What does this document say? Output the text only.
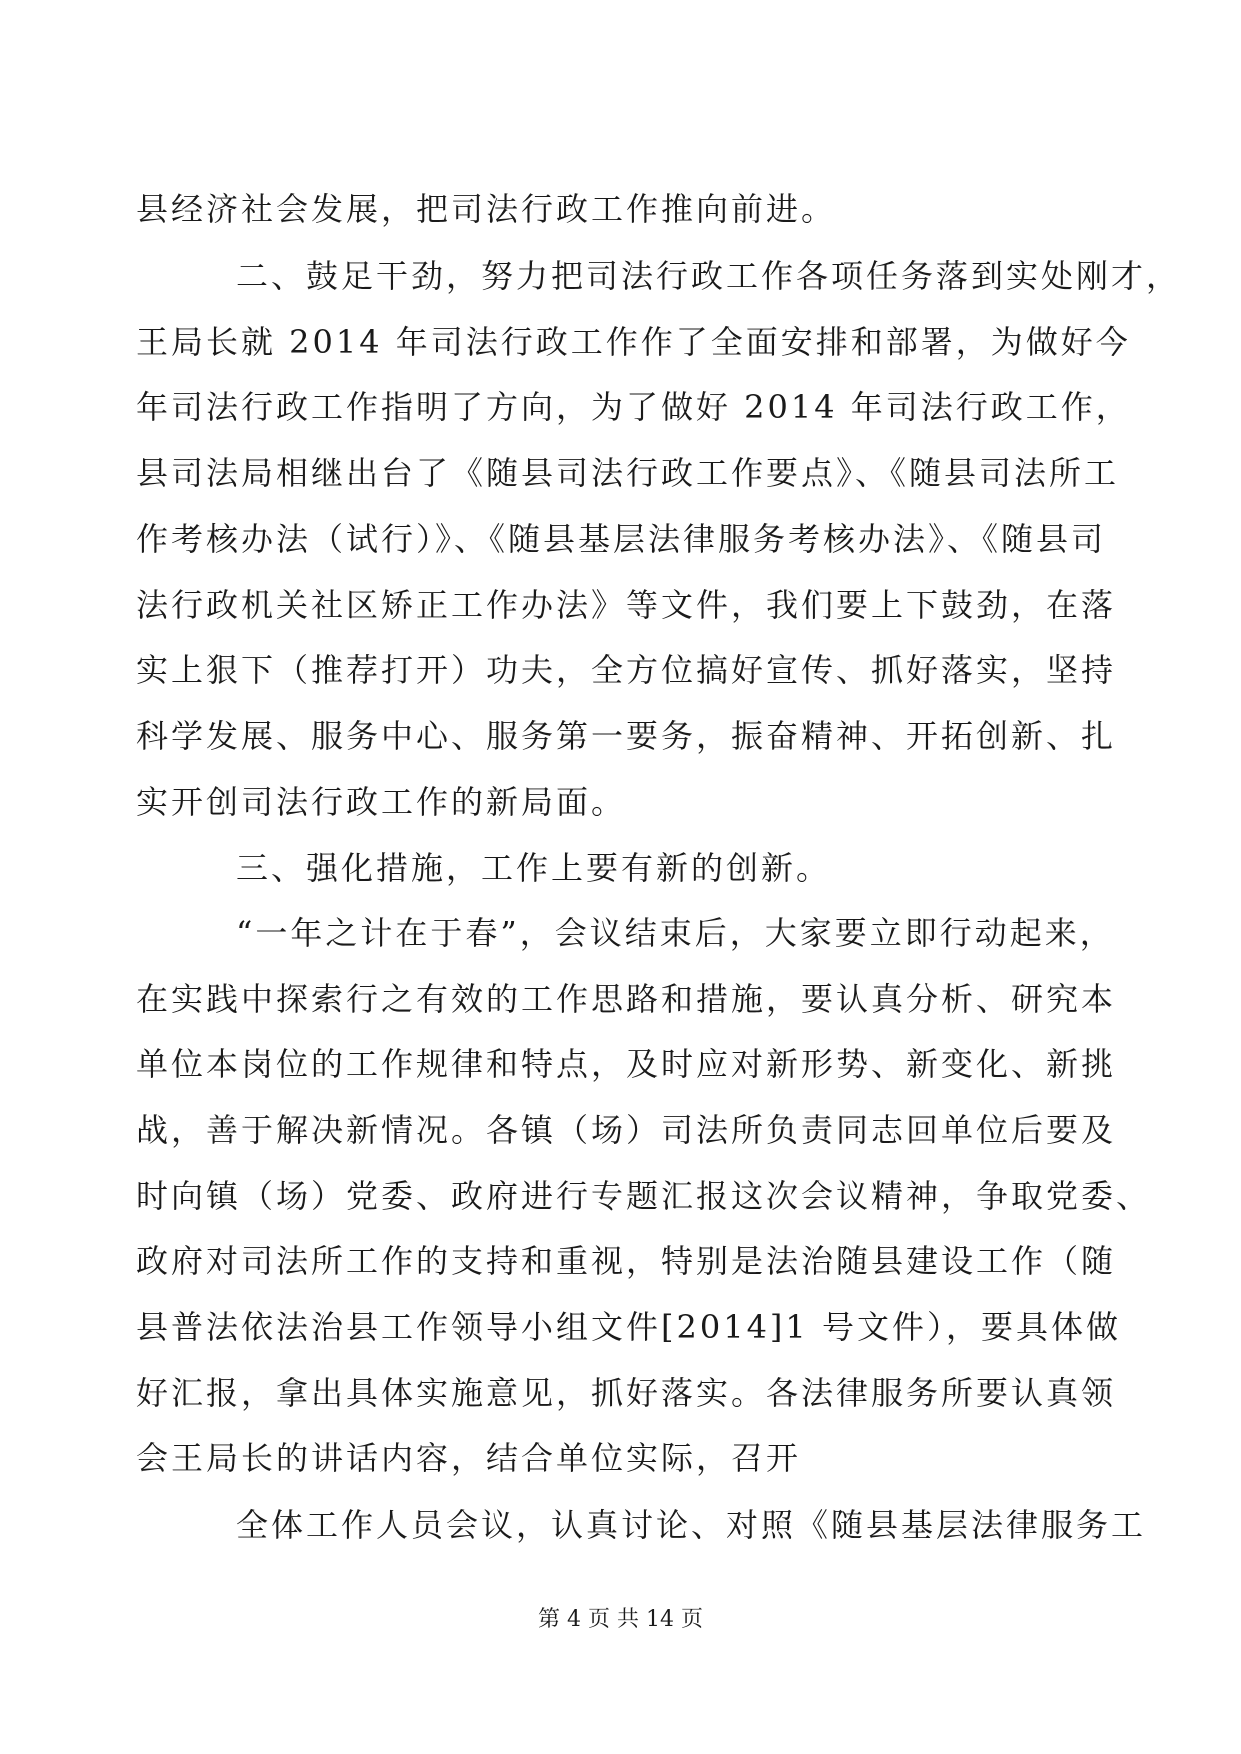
县经济社会发展，把司法行政工作推向前进。
二、鼓足干劲，努力把司法行政工作各项任务落到实处刚才，
王局长就 2014 年司法行政工作作了全面安排和部署，为做好今
年司法行政工作指明了方向，为了做好 2014 年司法行政工作，
县司法局相继出台了《随县司法行政工作要点》、《随县司法所工
作考核办法（试行）》、《随县基层法律服务考核办法》、《随县司
法行政机关社区矫正工作办法》等文件，我们要上下鼓劲，在落
实上狠下（推荐打开）功夫，全方位搞好宣传、抓好落实，坚持
科学发展、服务中心、服务第一要务，振奋精神、开拓创新、扎
实开创司法行政工作的新局面。
三、强化措施，工作上要有新的创新。
“一年之计在于春”，会议结束后，大家要立即行动起来，
在实践中探索行之有效的工作思路和措施，要认真分析、研究本
单位本岗位的工作规律和特点，及时应对新形势、新变化、新挑
战，善于解决新情况。各镇（场）司法所负责同志回单位后要及
时向镇（场）党委、政府进行专题汇报这次会议精神，争取党委、
政府对司法所工作的支持和重视，特别是法治随县建设工作（随
县普法依法治县工作领导小组文件[2014]1 号文件），要具体做
好汇报，拿出具体实施意见，抓好落实。各法律服务所要认真领
会王局长的讲话内容，结合单位实际，召开
全体工作人员会议，认真讨论、对照《随县基层法律服务工
第 4 页 共 14 页
